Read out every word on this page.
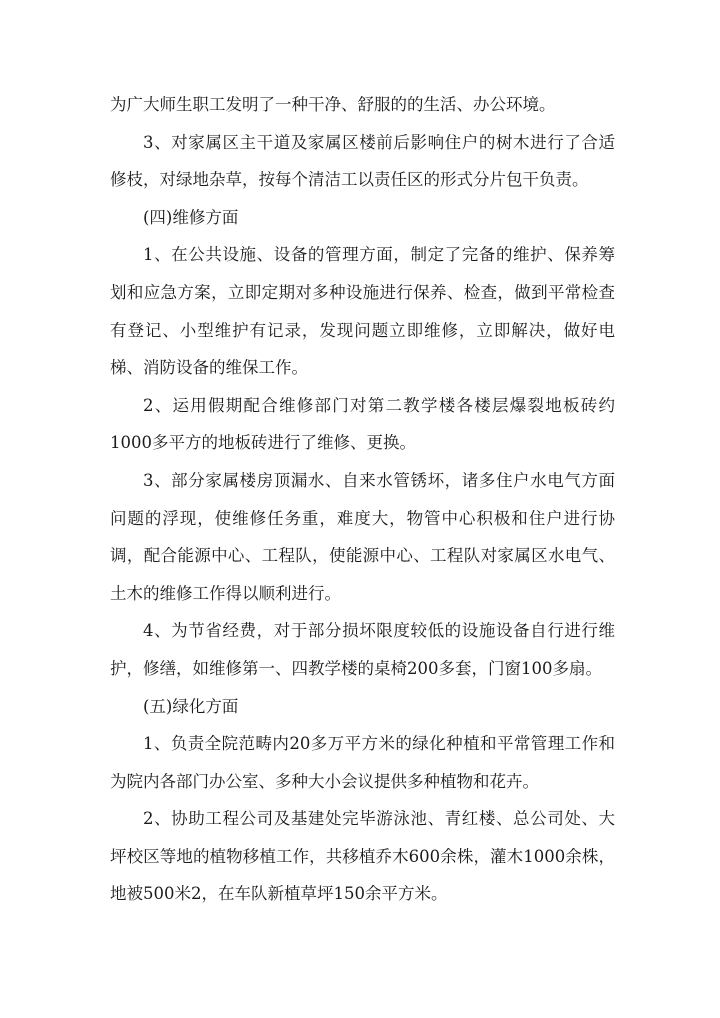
为广大师生职工发明了一种干净、舒服的的生活、办公环境。

3、对家属区主干道及家属区楼前后影响住户的树木进行了合适修枝，对绿地杂草，按每个清洁工以责任区的形式分片包干负责。

(四)维修方面

1、在公共设施、设备的管理方面，制定了完备的维护、保养筹划和应急方案，立即定期对多种设施进行保养、检查，做到平常检查有登记、小型维护有记录，发现问题立即维修，立即解决，做好电梯、消防设备的维保工作。

2、运用假期配合维修部门对第二教学楼各楼层爆裂地板砖约1000多平方的地板砖进行了维修、更换。

3、部分家属楼房顶漏水、自来水管锈坏，诸多住户水电气方面问题的浮现，使维修任务重，难度大，物管中心积极和住户进行协调，配合能源中心、工程队，使能源中心、工程队对家属区水电气、土木的维修工作得以顺利进行。

4、为节省经费，对于部分损坏限度较低的设施设备自行进行维护，修缮，如维修第一、四教学楼的桌椅200多套，门窗100多扇。

(五)绿化方面

1、负责全院范畴内20多万平方米的绿化种植和平常管理工作和为院内各部门办公室、多种大小会议提供多种植物和花卉。

2、协助工程公司及基建处完毕游泳池、青红楼、总公司处、大坪校区等地的植物移植工作，共移植乔木600余株，灌木1000余株，地被500米2，在车队新植草坪150余平方米。
